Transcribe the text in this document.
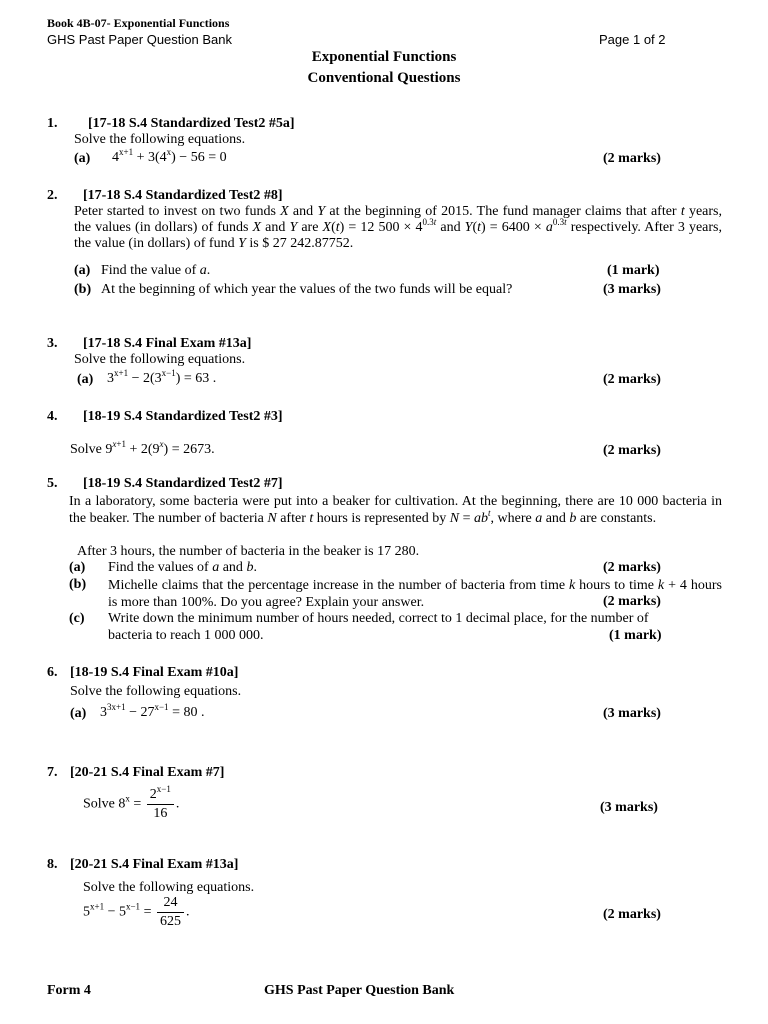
Book 4B-07- Exponential Functions
GHS Past Paper Question Bank	Page 1 of 2
Exponential Functions
Conventional Questions
1. [17-18 S.4 Standardized Test2 #5a]
Solve the following equations.
(a) $4^{x+1} + 3(4^x) - 56 = 0$	(2 marks)
2. [17-18 S.4 Standardized Test2 #8]
Peter started to invest on two funds X and Y at the beginning of 2015. The fund manager claims that after t years, the values (in dollars) of funds X and Y are X(t) = 12 $500 \times 4^{0.3t}$ and $Y(t) = 6400 \times a^{0.3t}$ respectively. After 3 years, the value (in dollars) of fund Y is $ 27 242.87752.
(a) Find the value of a.	(1 mark)
(b) At the beginning of which year the values of the two funds will be equal?	(3 marks)
3. [17-18 S.4 Final Exam #13a]
Solve the following equations.
(a) $3^{x+1} - 2(3^{x-1}) = 63$ .	(2 marks)
4. [18-19 S.4 Standardized Test2 #3]
Solve $9^{x+1} + 2(9^x) = 2673$.	(2 marks)
5. [18-19 S.4 Standardized Test2 #7]
In a laboratory, some bacteria were put into a beaker for cultivation. At the beginning, there are 10 000 bacteria in the beaker. The number of bacteria N after t hours is represented by $N = ab^t$, where a and b are constants.
After 3 hours, the number of bacteria in the beaker is 17 280.
(a) Find the values of a and b.	(2 marks)
(b) Michelle claims that the percentage increase in the number of bacteria from time k hours to time k + 4 hours is more than 100%. Do you agree? Explain your answer.	(2 marks)
(c) Write down the minimum number of hours needed, correct to 1 decimal place, for the number of
bacteria to reach 1 000 000.	(1 mark)
6. [18-19 S.4 Final Exam #10a]
Solve the following equations.
(a) $3^{3x+1} - 27^{x-1} = 80$ .	(3 marks)
7. [20-21 S.4 Final Exam #7]
Solve $8^x = \frac{2^{x-1}}{16}$ .	(3 marks)
8. [20-21 S.4 Final Exam #13a]
Solve the following equations.
$5^{x+1} - 5^{x-1} = \frac{24}{625}$ .	(2 marks)
Form 4	GHS Past Paper Question Bank
